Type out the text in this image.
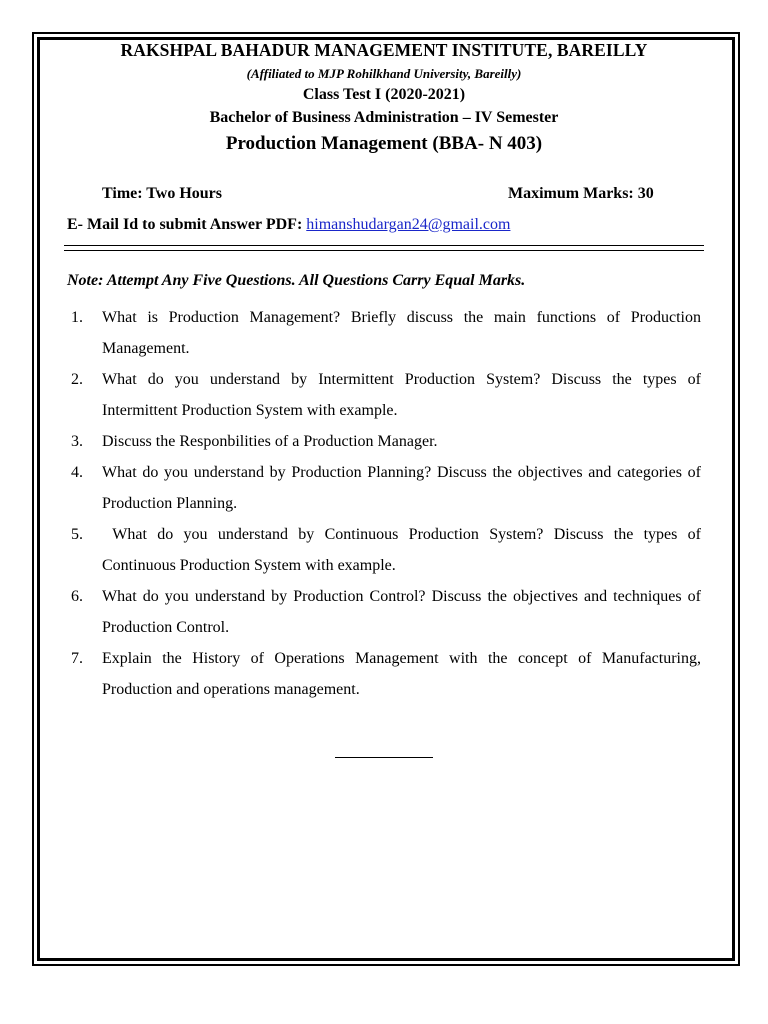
RAKSHPAL BAHADUR MANAGEMENT INSTITUTE, BAREILLY
(Affiliated to MJP Rohilkhand University, Bareilly)
Class Test I (2020-2021)
Bachelor of Business Administration – IV Semester
Production Management (BBA- N 403)
Time: Two Hours	Maximum Marks: 30
E- Mail Id to submit Answer PDF: himanshudargan24@gmail.com
Note: Attempt Any Five Questions. All Questions Carry Equal Marks.
1. What is Production Management? Briefly discuss the main functions of Production Management.
2. What do you understand by Intermittent Production System? Discuss the types of Intermittent Production System with example.
3. Discuss the Responbilities of a Production Manager.
4. What do you understand by Production Planning? Discuss the objectives and categories of Production Planning.
5. What do you understand by Continuous Production System? Discuss the types of Continuous Production System with example.
6. What do you understand by Production Control? Discuss the objectives and techniques of Production Control.
7. Explain the History of Operations Management with the concept of Manufacturing, Production and operations management.
